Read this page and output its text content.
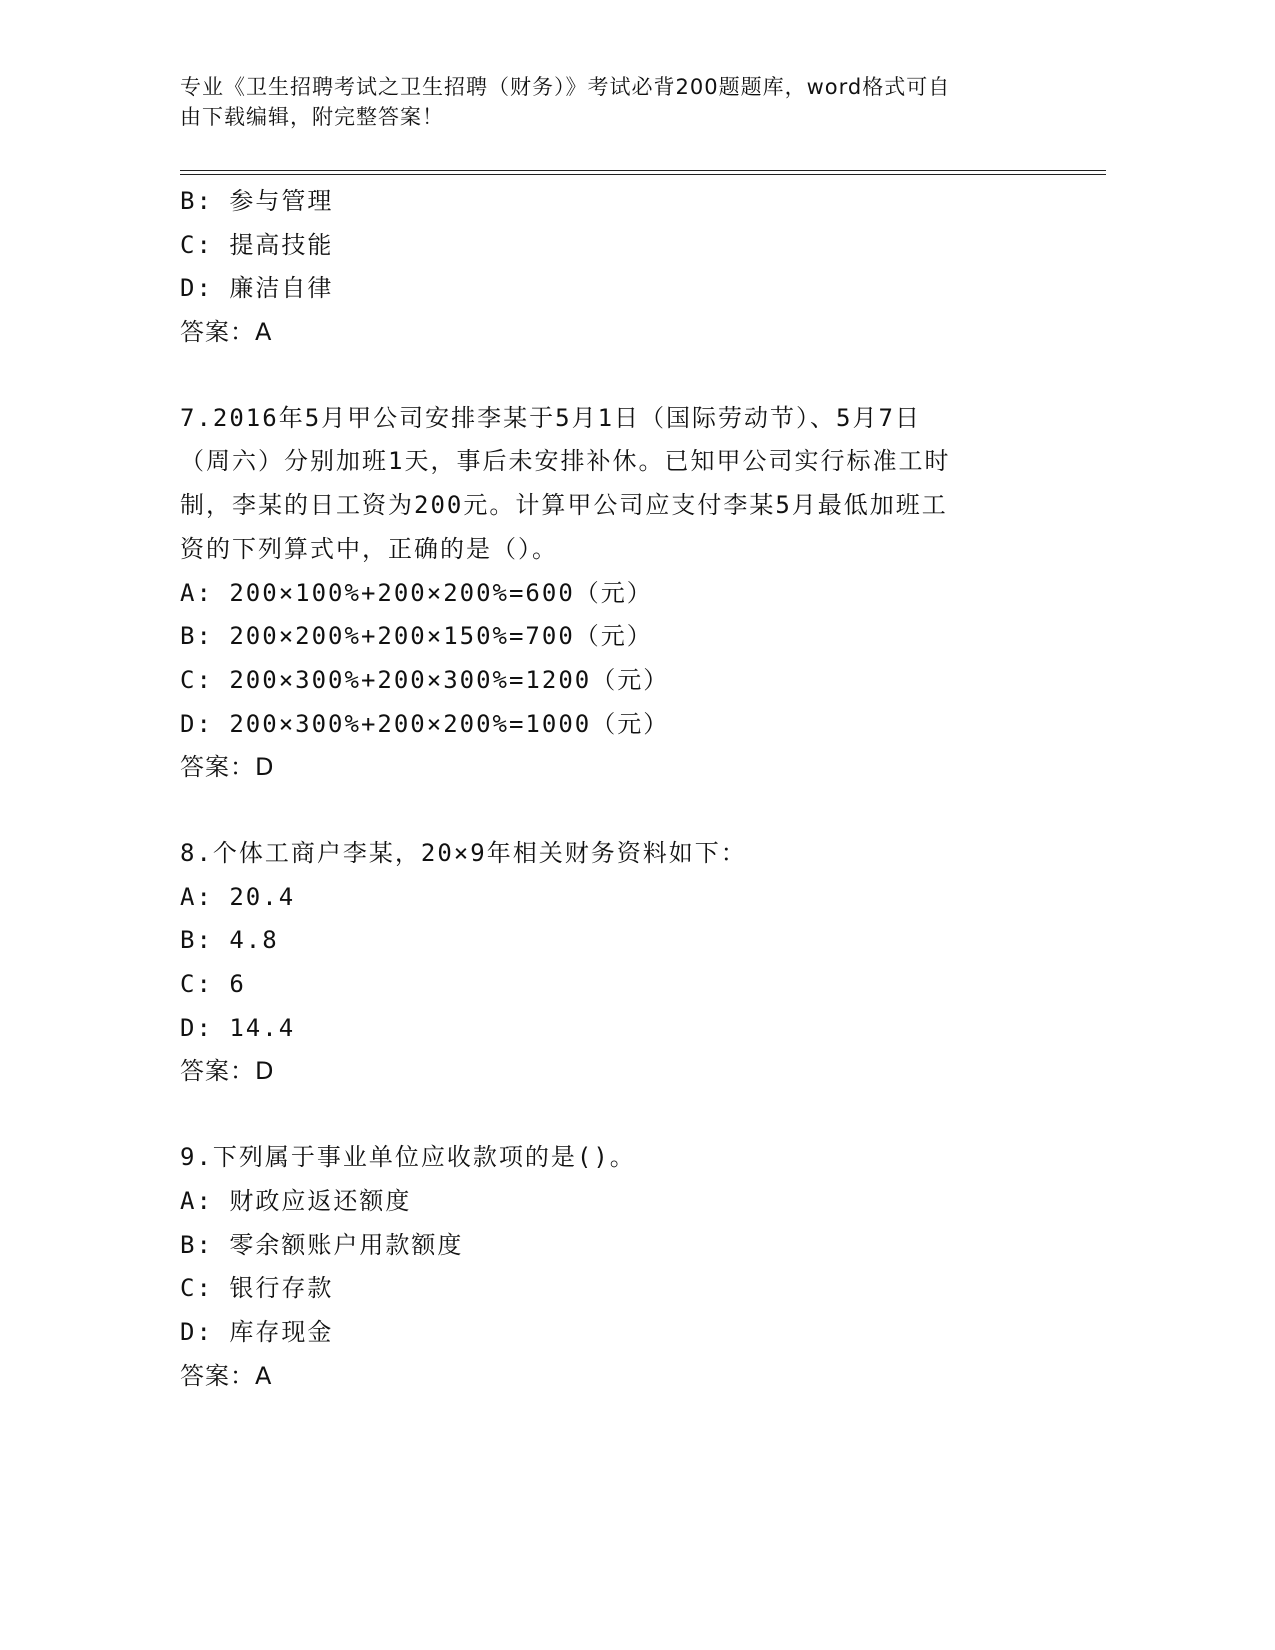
专业《卫生招聘考试之卫生招聘（财务）》考试必背200题题库，word格式可自
由下载编辑，附完整答案！
B: 参与管理
C: 提高技能
D: 廉洁自律
答案：A
7.2016年5月甲公司安排李某于5月1日（国际劳动节）、5月7日
（周六）分别加班1天，事后未安排补休。已知甲公司实行标准工时
制，李某的日工资为200元。计算甲公司应支付李某5月最低加班工
资的下列算式中，正确的是（）。
A: 200×100%+200×200%=600（元）
B: 200×200%+200×150%=700（元）
C: 200×300%+200×300%=1200（元）
D: 200×300%+200×200%=1000（元）
答案：D
8.个体工商户李某，20×9年相关财务资料如下：
A: 20.4
B: 4.8
C: 6
D: 14.4
答案：D
9.下列属于事业单位应收款项的是()。
A: 财政应返还额度
B: 零余额账户用款额度
C: 银行存款
D: 库存现金
答案：A
